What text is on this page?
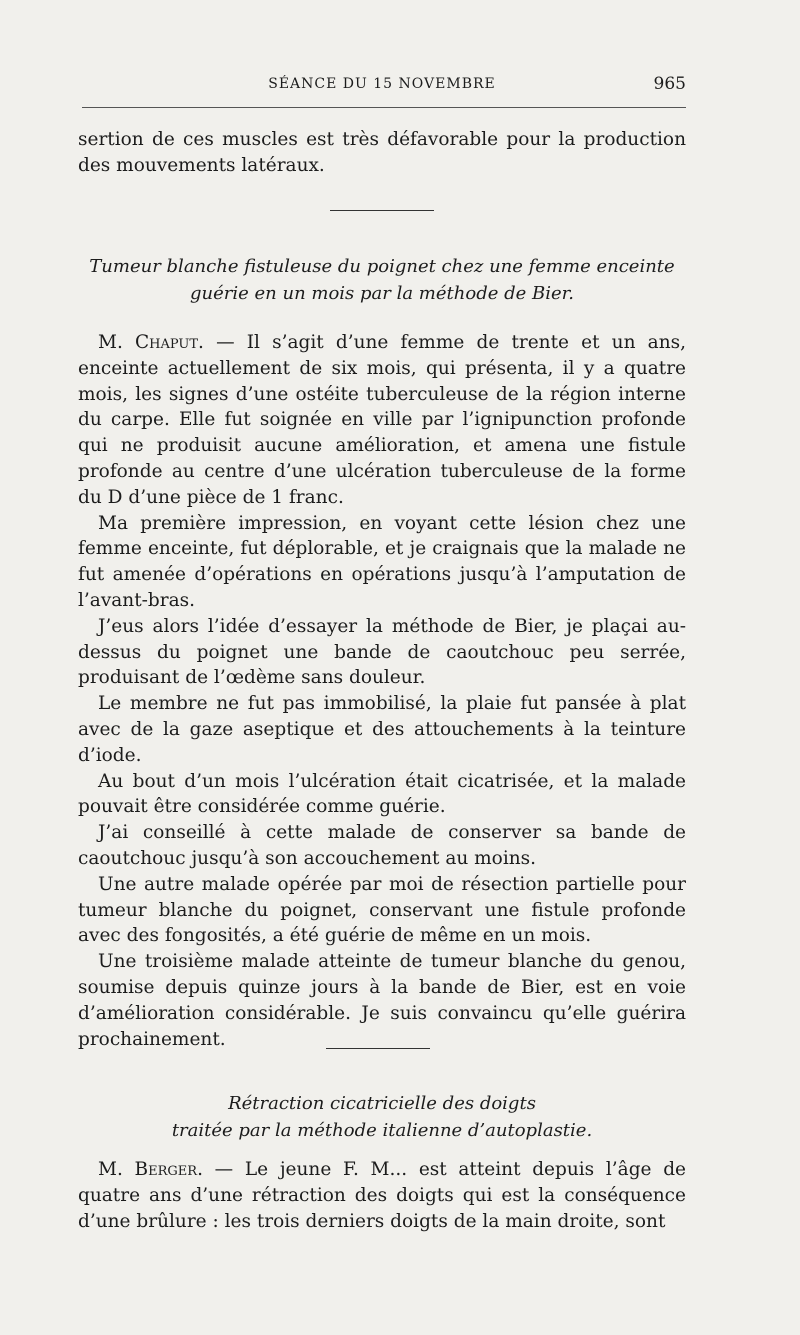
SÉANCE DU 15 NOVEMBRE	965

sertion de ces muscles est très défavorable pour la production des mouvements latéraux.

Tumeur blanche fistuleuse du poignet chez une femme enceinte
guérie en un mois par la méthode de Bier.

M. Chaput. — Il s’agit d’une femme de trente et un ans, enceinte actuellement de six mois, qui présenta, il y a quatre mois, les signes d’une ostéite tuberculeuse de la région interne du carpe. Elle fut soignée en ville par l’ignipunction profonde qui ne produisit aucune amélioration, et amena une fistule profonde au centre d’une ulcération tuberculeuse de la forme du D d’une pièce de 1 franc.

Ma première impression, en voyant cette lésion chez une femme enceinte, fut déplorable, et je craignais que la malade ne fut amenée d’opérations en opérations jusqu’à l’amputation de l’avant-bras.

J’eus alors l’idée d’essayer la méthode de Bier, je plaçai au-dessus du poignet une bande de caoutchouc peu serrée, produisant de l’œdème sans douleur.

Le membre ne fut pas immobilisé, la plaie fut pansée à plat avec de la gaze aseptique et des attouchements à la teinture d’iode.

Au bout d’un mois l’ulcération était cicatrisée, et la malade pouvait être considérée comme guérie.

J’ai conseillé à cette malade de conserver sa bande de caoutchouc jusqu’à son accouchement au moins.

Une autre malade opérée par moi de résection partielle pour tumeur blanche du poignet, conservant une fistule profonde avec des fongosités, a été guérie de même en un mois.

Une troisième malade atteinte de tumeur blanche du genou, soumise depuis quinze jours à la bande de Bier, est en voie d’amélioration considérable. Je suis convaincu qu’elle guérira prochainement.

Rétraction cicatricielle des doigts
traitée par la méthode italienne d’autoplastie.

M. Berger. — Le jeune F. M... est atteint depuis l’âge de quatre ans d’une rétraction des doigts qui est la conséquence d’une brûlure : les trois derniers doigts de la main droite, sont
